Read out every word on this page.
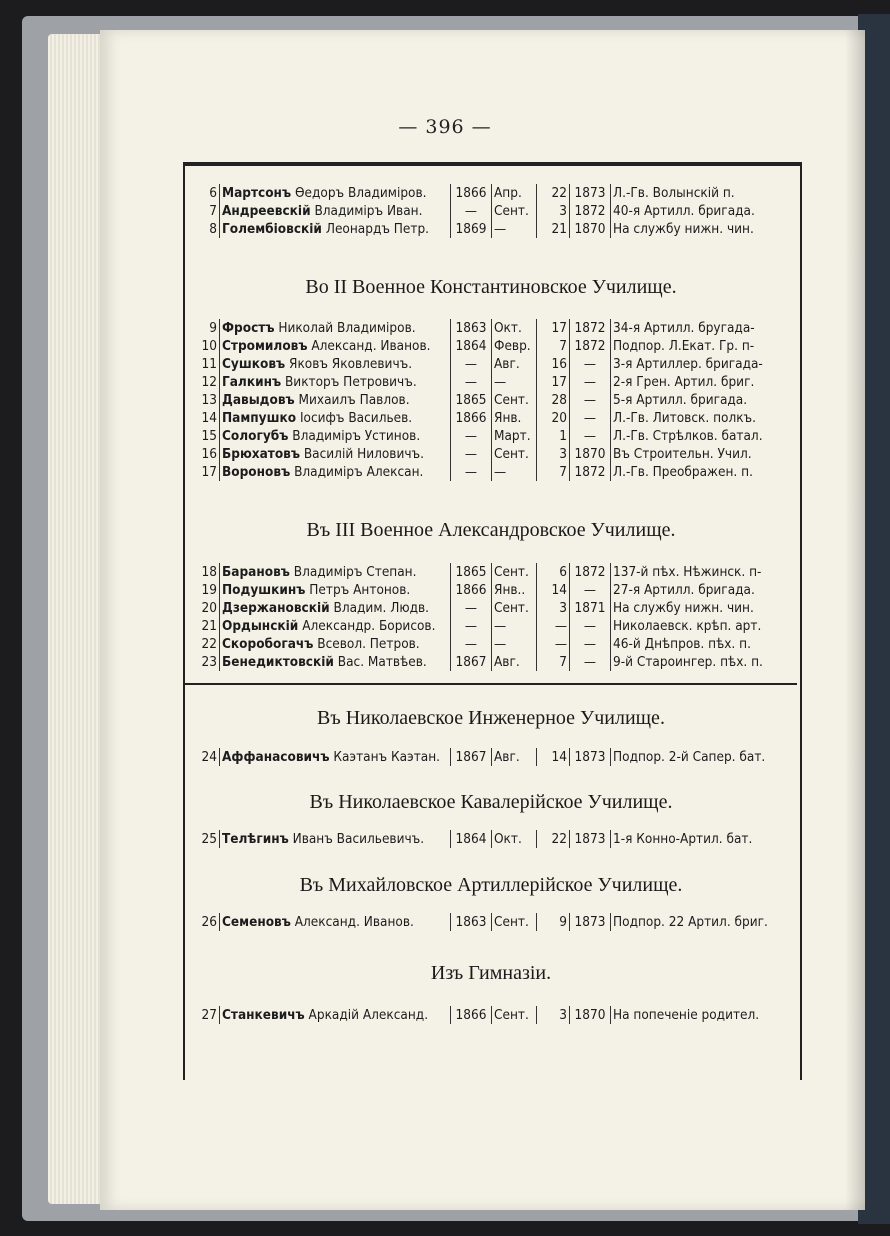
— 396 —
6	Мартсонъ Өедоръ Владиміров.	1866	Апр.	22	1873	Л.-Гв. Волынскій п.
7	Андреевскій Владиміръ Иван.	—	Сент.	3	1872	40-я Артилл. бригада.
8	Голембіовскій Леонардъ Петр.	1869	—	21	1870	На службу нижн. чин.
Во II Военное Константиновское Училище.
9	Фростъ Николай Владиміров.	1863	Окт.	17	1872	34-я Артилл. бругада-
10	Стромиловъ Александ. Иванов.	1864	Февр.	7	1872	Подпор. Л.Екат. Гр. п-
11	Сушковъ Яковъ Яковлевичъ.	—	Авг.	16	—	3-я Артиллер. бригада-
12	Галкинъ Викторъ Петровичъ.	—	—	17	—	2-я Грен. Артил. бриг.
13	Давыдовъ Михаилъ Павлов.	1865	Сент.	28	—	5-я Артилл. бригада.
14	Пампушко Іосифъ Васильев.	1866	Янв.	20	—	Л.-Гв. Литовск. полкъ.
15	Сологубъ Владиміръ Устинов.	—	Март.	1	—	Л.-Гв. Стрѣлков. батал.
16	Брюхатовъ Василій Ниловичъ.	—	Сент.	3	1870	Въ Строительн. Учил.
17	Вороновъ Владиміръ Алексан.	—	—	7	1872	Л.-Гв. Преображен. п.
Въ III Военное Александровское Училище.
18	Барановъ Владиміръ Степан.	1865	Сент.	6	1872	137-й пѣх. Нѣжинск. п-
19	Подушкинъ Петръ Антонов.	1866	Янв..	14	—	27-я Артилл. бригада.
20	Дзержановскій Владим. Людв.	—	Сент.	3	1871	На службу нижн. чин.
21	Ордынскій Александр. Борисов.	—	—	—	—	Николаевск. крѣп. арт.
22	Скоробогачъ Всевол. Петров.	—	—	—	—	46-й Днѣпров. пѣх. п.
23	Бенедиктовскій Вас. Матвѣев.	1867	Авг.	7	—	9-й Староингер. пѣх. п.
Въ Николаевское Инженерное Училище.
24	Аффанасовичъ Каэтанъ Каэтан.	1867	Авг.	14	1873	Подпор. 2-й Сапер. бат.
Въ Николаевское Кавалерійское Училище.
25	Телѣгинъ Иванъ Васильевичъ.	1864	Окт.	22	1873	1-я Конно-Артил. бат.
Въ Михайловское Артиллерійское Училище.
26	Семеновъ Александ. Иванов.	1863	Сент.	9	1873	Подпор. 22 Артил. бриг.
Изъ Гимназіи.
27	Станкевичъ Аркадій Александ.	1866	Сент.	3	1870	На попеченіе родител.
